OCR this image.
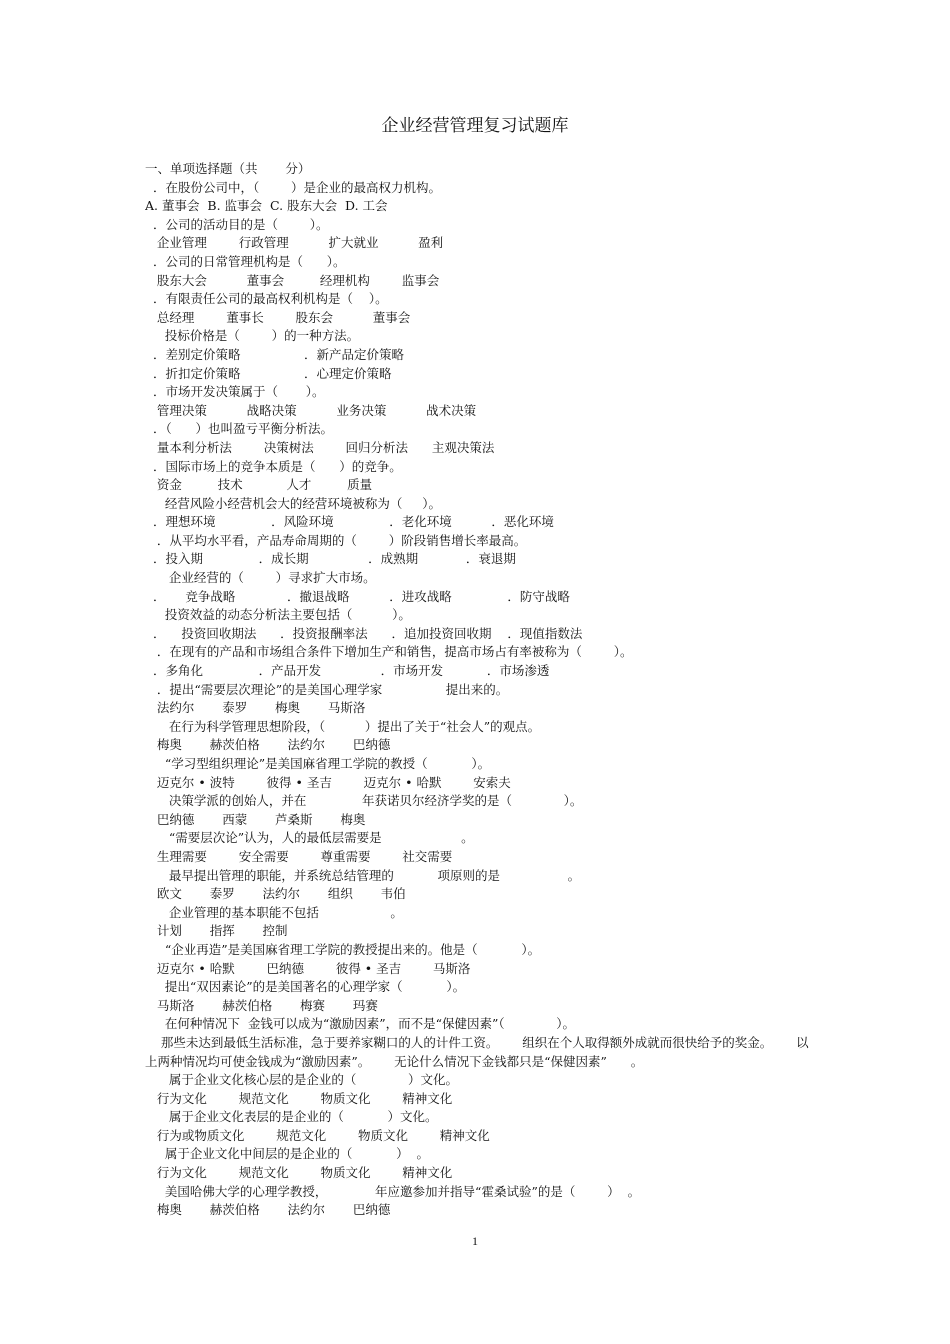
企业经营管理复习试题库
一、单项选择题（共       分）
．在股份公司中，（        ）是企业的最高权力机构。
A. 董事会  B. 监事会  C. 股东大会  D. 工会
．公司的活动目的是（        ）。
企业管理        行政管理          扩大就业          盈利
．公司的日常管理机构是（      ）。
股东大会          董事会         经理机构        监事会
．有限责任公司的最高权利机构是（    ）。
总经理        董事长        股东会          董事会
投标价格是（        ）的一种方法。
．差别定价策略                ．新产品定价策略
．折扣定价策略                ．心理定价策略
．市场开发决策属于（       ）。
管理决策          战略决策          业务决策          战术决策
．（      ）也叫盈亏平衡分析法。
量本利分析法        决策树法        回归分析法      主观决策法
．国际市场上的竞争本质是（      ）的竞争。
资金         技术           人才         质量
经营风险小经营机会大的经营环境被称为（     ）。
．理想环境              ．风险环境              ．老化环境          ．恶化环境
．从平均水平看，产品寿命周期的（        ）阶段销售增长率最高。
．投入期              ．成长期               ．成熟期            ．衰退期
企业经营的（        ）寻求扩大市场。
．     竞争战略             ．撤退战略          ．进攻战略              ．防守战略
投资效益的动态分析法主要包括（          ）。
．    投资回收期法      ．投资报酬率法      ．追加投资回收期    ．现值指数法
．在现有的产品和市场组合条件下增加生产和销售，提高市场占有率被称为（        ）。
．多角化              ．产品开发               ．市场开发           ．市场渗透
．提出“需要层次理论”的是美国心理学家                提出来的。
法约尔       泰罗       梅奥       马斯洛
在行为科学管理思想阶段，（          ）提出了关于“社会人”的观点。
梅奥       赫茨伯格       法约尔       巴纳德
“学习型组织理论”是美国麻省理工学院的教授（           ）。
迈克尔 • 波特        彼得 • 圣吉        迈克尔 • 哈默        安索夫
决策学派的创始人，并在              年获诺贝尔经济学奖的是（             ）。
巴纳德       西蒙       芦桑斯       梅奥
“需要层次论”认为，人的最低层需要是                    。
生理需要        安全需要        尊重需要        社交需要
最早提出管理的职能，并系统总结管理的           项原则的是                 。
欧文       泰罗       法约尔       组织       韦伯
企业管理的基本职能不包括                  。
计划       指挥       控制
“企业再造”是美国麻省理工学院的教授提出来的。他是（           ）。
迈克尔 • 哈默        巴纳德        彼得 • 圣吉        马斯洛
提出“双因素论”的是美国著名的心理学家（           ）。
马斯洛       赫茨伯格       梅赛       玛赛
在何种情况下  金钱可以成为“激励因素”，而不是“保健因素”（             ）。
那些未达到最低生活标准，急于要养家糊口的人的计件工资。      组织在个人取得额外成就而很快给予的奖金。      以上两种情况均可使金钱成为“激励因素”。      无论什么情况下金钱都只是“保健因素”      。
属于企业文化核心层的是企业的（             ）文化。
行为文化        规范文化        物质文化        精神文化
属于企业文化表层的是企业的（           ）文化。
行为或物质文化        规范文化        物质文化        精神文化
属于企业文化中间层的是企业的（           ）  。
行为文化        规范文化        物质文化        精神文化
美国哈佛大学的心理学教授，            年应邀参加并指导“霍桑试验”的是（        ）  。
梅奥       赫茨伯格       法约尔       巴纳德
1
